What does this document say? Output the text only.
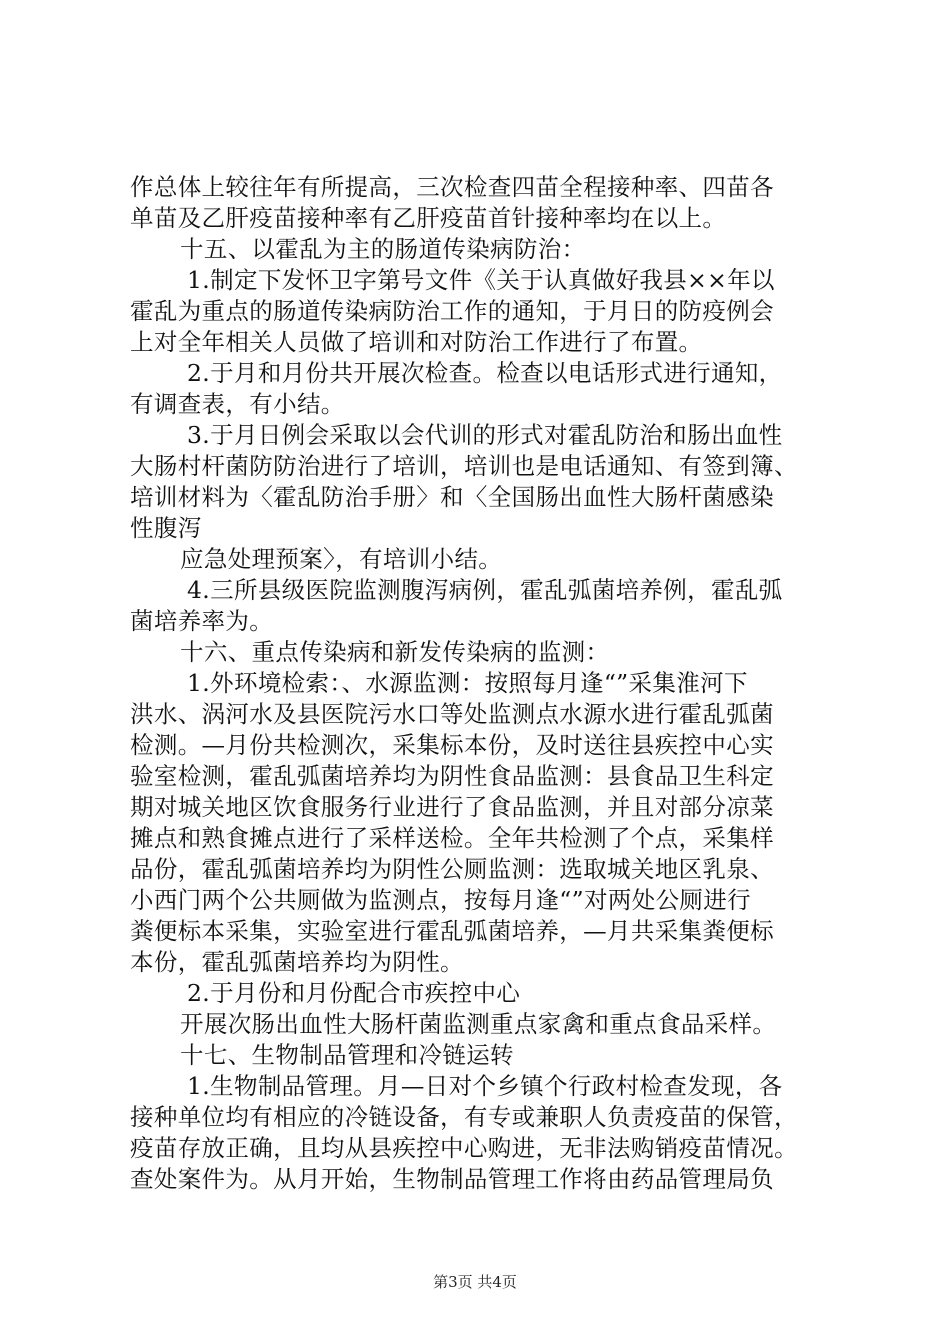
作总体上较往年有所提高，三次检查四苗全程接种率、四苗各
单苗及乙肝疫苗接种率有乙肝疫苗首针接种率均在以上。
十五、以霍乱为主的肠道传染病防治：
1.制定下发怀卫字第号文件《关于认真做好我县××年以
霍乱为重点的肠道传染病防治工作的通知，于月日的防疫例会
上对全年相关人员做了培训和对防治工作进行了布置。
2.于月和月份共开展次检查。检查以电话形式进行通知，
有调查表，有小结。
3.于月日例会采取以会代训的形式对霍乱防治和肠出血性
大肠村杆菌防防治进行了培训，培训也是电话通知、有签到簿、
培训材料为〈霍乱防治手册〉和〈全国肠出血性大肠杆菌感染
性腹泻
应急处理预案〉，有培训小结。
4.三所县级医院监测腹泻病例，霍乱弧菌培养例，霍乱弧
菌培养率为。
十六、重点传染病和新发传染病的监测：
1.外环境检索：、水源监测：按照每月逢“”采集淮河下
洪水、涡河水及县医院污水口等处监测点水源水进行霍乱弧菌
检测。—月份共检测次，采集标本份，及时送往县疾控中心实
验室检测，霍乱弧菌培养均为阴性食品监测：县食品卫生科定
期对城关地区饮食服务行业进行了食品监测，并且对部分凉菜
摊点和熟食摊点进行了采样送检。全年共检测了个点，采集样
品份，霍乱弧菌培养均为阴性公厕监测：选取城关地区乳泉、
小西门两个公共厕做为监测点，按每月逢“”对两处公厕进行
粪便标本采集，实验室进行霍乱弧菌培养，—月共采集粪便标
本份，霍乱弧菌培养均为阴性。
2.于月份和月份配合市疾控中心
开展次肠出血性大肠杆菌监测重点家禽和重点食品采样。
十七、生物制品管理和冷链运转
1.生物制品管理。月—日对个乡镇个行政村检查发现，各
接种单位均有相应的冷链设备，有专或兼职人负责疫苗的保管，
疫苗存放正确，且均从县疾控中心购进，无非法购销疫苗情况。
查处案件为。从月开始，生物制品管理工作将由药品管理局负
第3页 共4页
